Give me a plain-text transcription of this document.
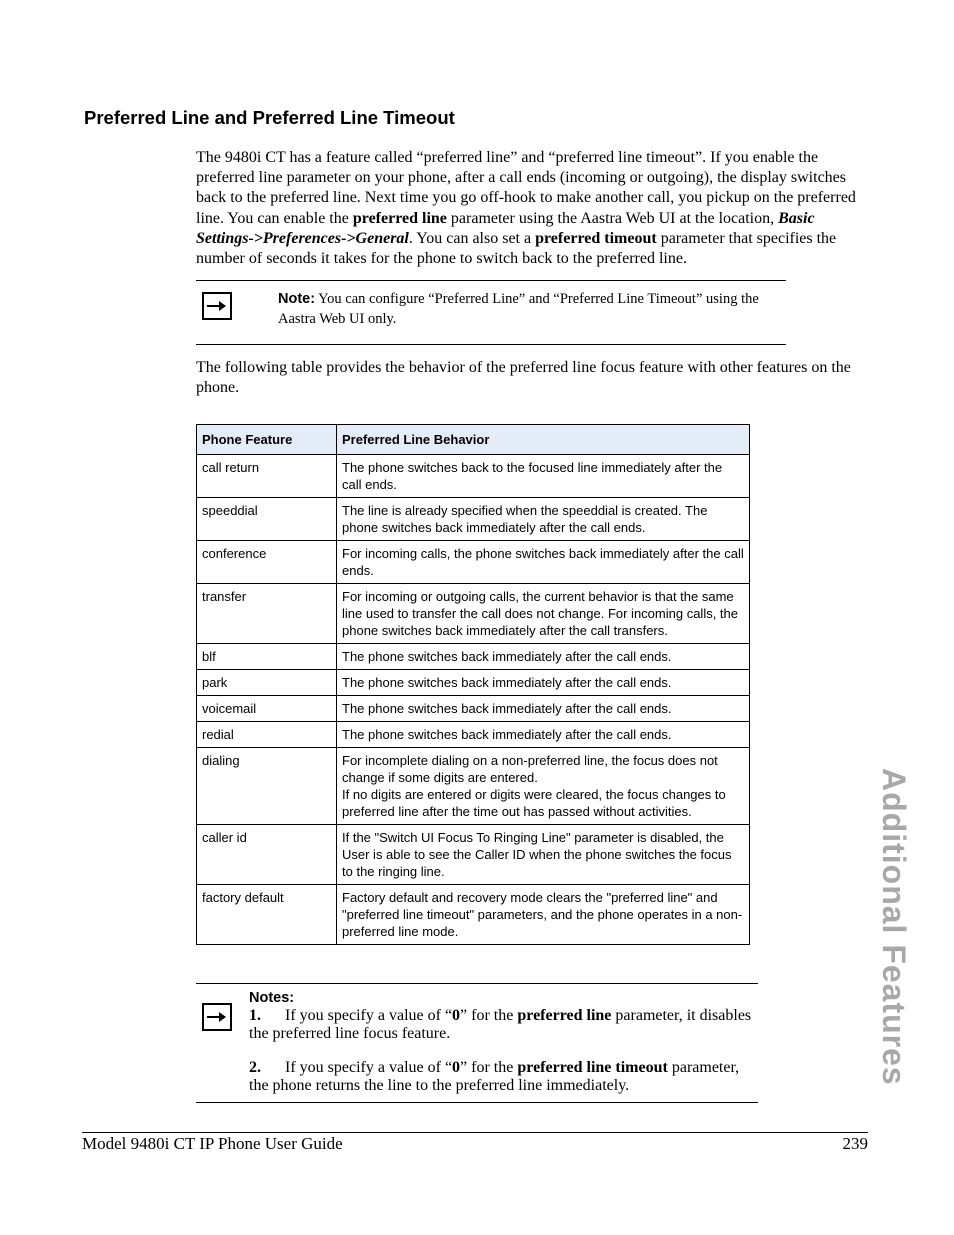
Preferred Line and Preferred Line Timeout
The 9480i CT has a feature called “preferred line” and “preferred line timeout”. If you enable the preferred line parameter on your phone, after a call ends (incoming or outgoing), the display switches back to the preferred line. Next time you go off-hook to make another call, you pickup on the preferred line. You can enable the preferred line parameter using the Aastra Web UI at the location, Basic Settings->Preferences->General. You can also set a preferred timeout parameter that specifies the number of seconds it takes for the phone to switch back to the preferred line.
Note: You can configure “Preferred Line” and “Preferred Line Timeout” using the Aastra Web UI only.
The following table provides the behavior of the preferred line focus feature with other features on the phone.
Phone Feature	Preferred Line Behavior
call return	The phone switches back to the focused line immediately after the call ends.
speeddial	The line is already specified when the speeddial is created. The phone switches back immediately after the call ends.
conference	For incoming calls, the phone switches back immediately after the call ends.
transfer	For incoming or outgoing calls, the current behavior is that the same line used to transfer the call does not change. For incoming calls, the phone switches back immediately after the call transfers.
blf	The phone switches back immediately after the call ends.
park	The phone switches back immediately after the call ends.
voicemail	The phone switches back immediately after the call ends.
redial	The phone switches back immediately after the call ends.
dialing	For incomplete dialing on a non-preferred line, the focus does not change if some digits are entered.
If no digits are entered or digits were cleared, the focus changes to preferred line after the time out has passed without activities.
caller id	If the "Switch UI Focus To Ringing Line" parameter is disabled, the User is able to see the Caller ID when the phone switches the focus to the ringing line.
factory default	Factory default and recovery mode clears the "preferred line" and "preferred line timeout" parameters, and the phone operates in a non-preferred line mode.
Notes:
1.      If you specify a value of “0” for the preferred line parameter, it disables the preferred line focus feature.
2.      If you specify a value of “0” for the preferred line timeout parameter, the phone returns the line to the preferred line immediately.	Additional Features
Model 9480i CT IP Phone User Guide	239
